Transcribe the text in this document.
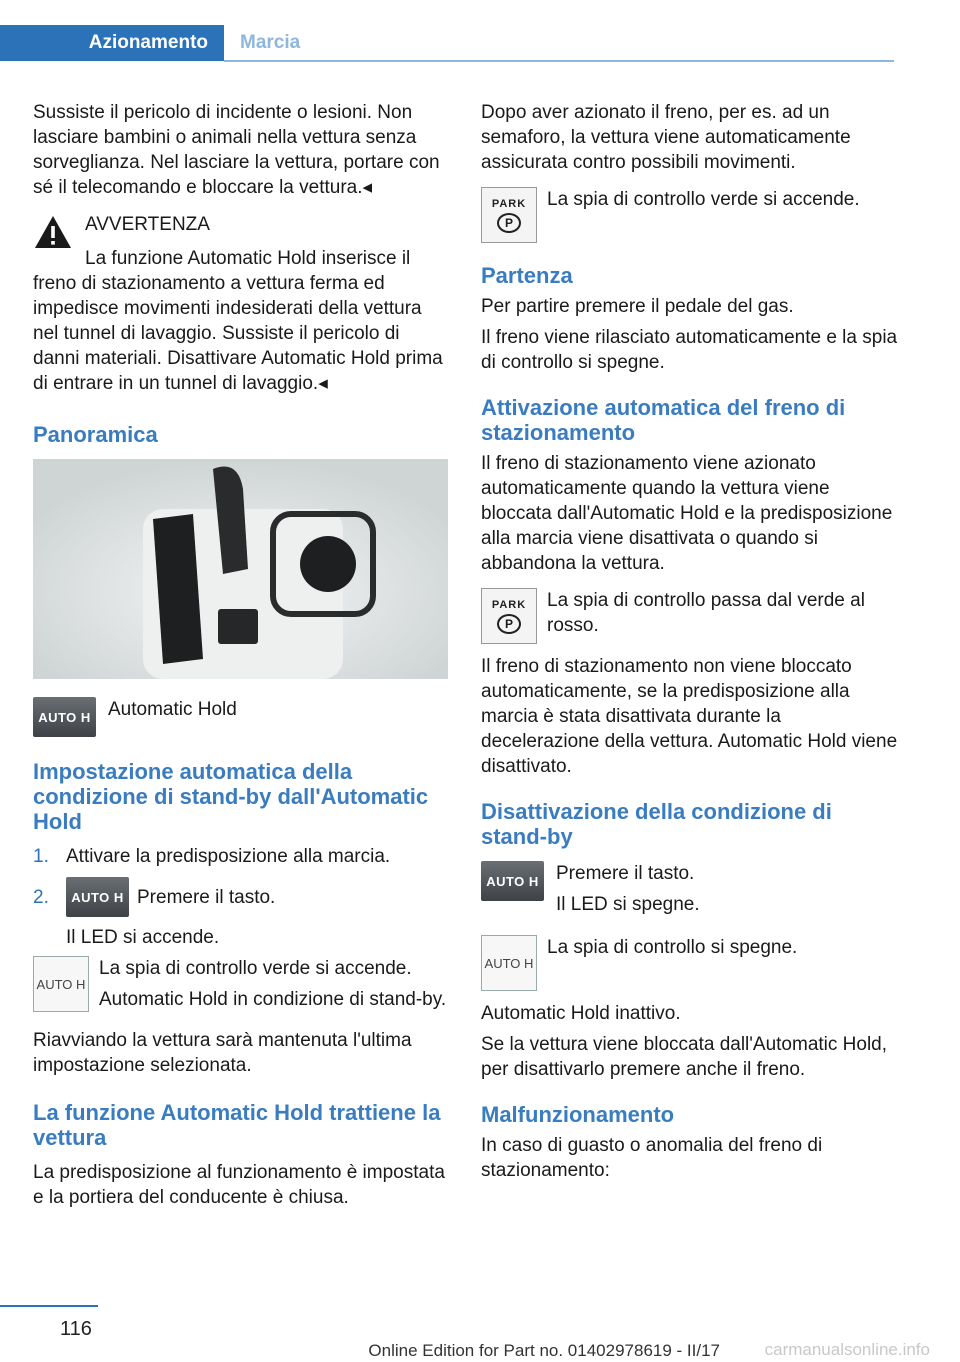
Azionamento	Marcia

Sussiste il pericolo di incidente o lesioni. Non lasciare bambini o animali nella vettura senza sorveglianza. Nel lasciare la vettura, portare con sé il telecomando e bloccare la vettura.◂

AVVERTENZA

La funzione Automatic Hold inserisce il freno di stazionamento a vettura ferma ed impedisce movimenti indesiderati della vettura nel tunnel di lavaggio. Sussiste il pericolo di danni materiali. Disattivare Automatic Hold prima di entrare in un tunnel di lavaggio.◂

Panoramica
AUTO H Automatic Hold

Impostazione automatica della condizione di stand-by dall'Automatic Hold
1. Attivare la predisposizione alla marcia.
2.	AUTO H Premere il tasto.

Il LED si accende.

AUTO H

La spia di controllo verde si accende.

Automatic Hold in condizione di stand-by.

Riavviando la vettura sarà mantenuta l'ultima impostazione selezionata.

La funzione Automatic Hold trattiene la vettura

La predisposizione al funzionamento è impostata e la portiera del conducente è chiusa.

Dopo aver azionato il freno, per es. ad un semaforo, la vettura viene automaticamente assicurata contro possibili movimenti.

PARK
P

La spia di controllo verde si accende.

Partenza

Per partire premere il pedale del gas.

Il freno viene rilasciato automaticamente e la spia di controllo si spegne.

Attivazione automatica del freno di stazionamento

Il freno di stazionamento viene azionato automaticamente quando la vettura viene bloccata dall'Automatic Hold e la predisposizione alla marcia viene disattivata o quando si abbandona la vettura.

PARK
P

La spia di controllo passa dal verde al rosso.

Il freno di stazionamento non viene bloccato automaticamente, se la predisposizione alla marcia è stata disattivata durante la decelerazione della vettura. Automatic Hold viene disattivato.

Disattivazione della condizione di stand-by
AUTO H Premere il tasto.

Il LED si spegne.

AUTO H

La spia di controllo si spegne.

Automatic Hold inattivo.

Se la vettura viene bloccata dall'Automatic Hold, per disattivarlo premere anche il freno.

Malfunzionamento

In caso di guasto o anomalia del freno di stazionamento:

116
Online Edition for Part no. 01402978619 - II/17	carmanualsonline.info
